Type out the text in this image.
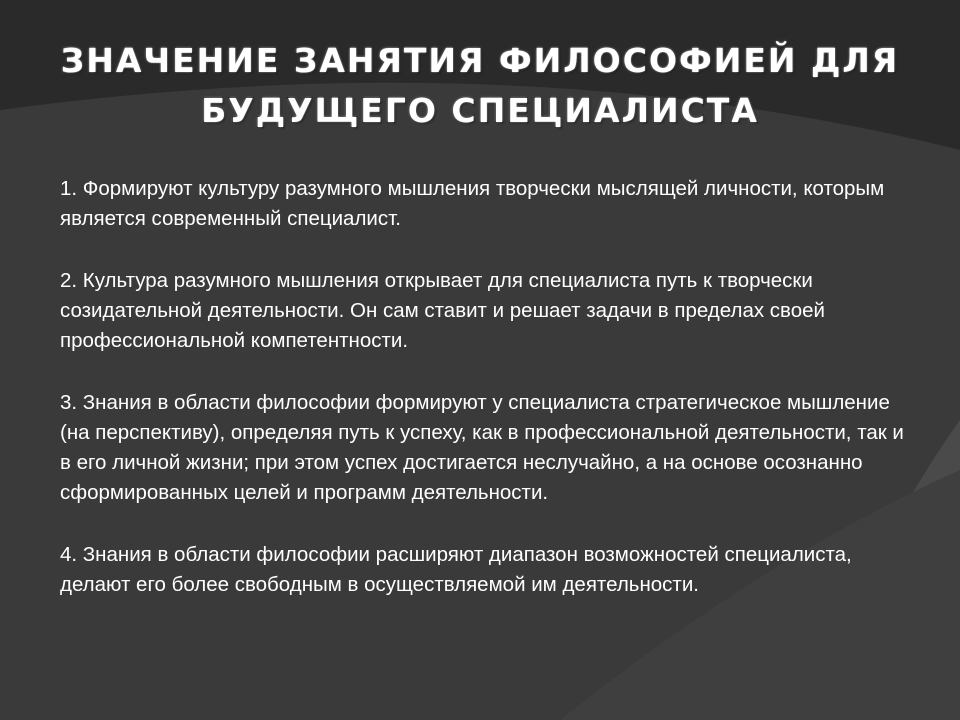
ЗНАЧЕНИЕ ЗАНЯТИЯ ФИЛОСОФИЕЙ ДЛЯ
БУДУЩЕГО СПЕЦИАЛИСТА

1. Формируют культуру разумного мышления творчески мыслящей личности, которым является современный специалист.

2. Культура разумного мышления открывает для специалиста путь к творчески созидательной деятельности. Он сам ставит и решает задачи в пределах своей профессиональной компетентности.

3. Знания в области философии формируют у специалиста стратегическое мышление (на перспективу), определяя путь к успеху, как в профессиональной деятельности, так и в его личной жизни; при этом успех достигается неслучайно, а на основе осознанно сформированных целей и программ деятельности.

4. Знания в области философии расширяют диапазон возможностей специалиста, делают его более свободным в осуществляемой им деятельности.
